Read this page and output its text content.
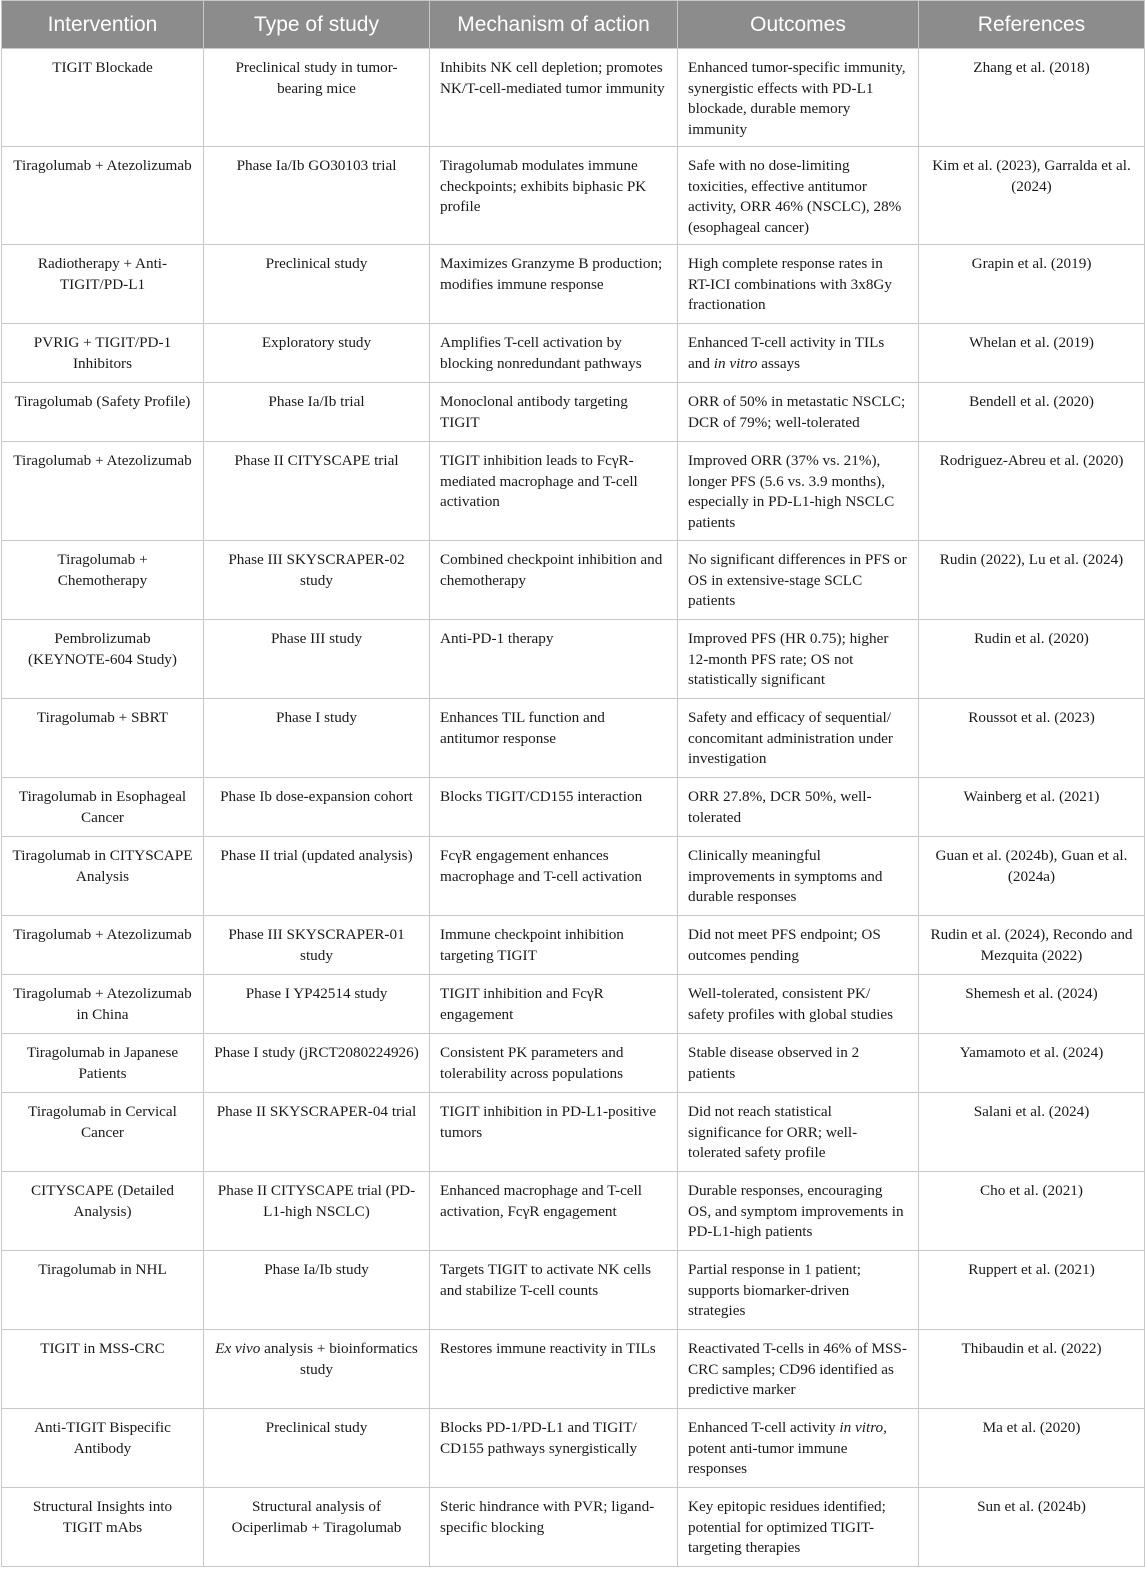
Intervention	Type of study	Mechanism of action	Outcomes	References
TIGIT Blockade	Preclinical study in tumor-bearing mice	Inhibits NK cell depletion; promotes NK/T-cell-mediated tumor immunity	Enhanced tumor-specific immunity, synergistic effects with PD-L1 blockade, durable memory immunity	Zhang et al. (2018)
Tiragolumab + Atezolizumab	Phase Ia/Ib GO30103 trial	Tiragolumab modulates immune checkpoints; exhibits biphasic PK profile	Safe with no dose-limiting toxicities, effective antitumor activity, ORR 46% (NSCLC), 28% (esophageal cancer)	Kim et al. (2023), Garralda et al. (2024)
Radiotherapy + Anti-TIGIT/PD-L1	Preclinical study	Maximizes Granzyme B production; modifies immune response	High complete response rates in RT-ICI combinations with 3x8Gy fractionation	Grapin et al. (2019)
PVRIG + TIGIT/PD-1 Inhibitors	Exploratory study	Amplifies T-cell activation by blocking nonredundant pathways	Enhanced T-cell activity in TILs and in vitro assays	Whelan et al. (2019)
Tiragolumab (Safety Profile)	Phase Ia/Ib trial	Monoclonal antibody targeting TIGIT	ORR of 50% in metastatic NSCLC; DCR of 79%; well-tolerated	Bendell et al. (2020)
Tiragolumab + Atezolizumab	Phase II CITYSCAPE trial	TIGIT inhibition leads to FcγR-mediated macrophage and T-cell activation	Improved ORR (37% vs. 21%), longer PFS (5.6 vs. 3.9 months), especially in PD-L1-high NSCLC patients	Rodriguez-Abreu et al. (2020)
Tiragolumab + Chemotherapy	Phase III SKYSCRAPER-02 study	Combined checkpoint inhibition and chemotherapy	No significant differences in PFS or OS in extensive-stage SCLC patients	Rudin (2022), Lu et al. (2024)
Pembrolizumab (KEYNOTE-604 Study)	Phase III study	Anti-PD-1 therapy	Improved PFS (HR 0.75); higher 12-month PFS rate; OS not statistically significant	Rudin et al. (2020)
Tiragolumab + SBRT	Phase I study	Enhances TIL function and antitumor response	Safety and efficacy of sequential/ concomitant administration under investigation	Roussot et al. (2023)
Tiragolumab in Esophageal Cancer	Phase Ib dose-expansion cohort	Blocks TIGIT/CD155 interaction	ORR 27.8%, DCR 50%, well-tolerated	Wainberg et al. (2021)
Tiragolumab in CITYSCAPE Analysis	Phase II trial (updated analysis)	FcγR engagement enhances macrophage and T-cell activation	Clinically meaningful improvements in symptoms and durable responses	Guan et al. (2024b), Guan et al. (2024a)
Tiragolumab + Atezolizumab	Phase III SKYSCRAPER-01 study	Immune checkpoint inhibition targeting TIGIT	Did not meet PFS endpoint; OS outcomes pending	Rudin et al. (2024), Recondo and Mezquita (2022)
Tiragolumab + Atezolizumab in China	Phase I YP42514 study	TIGIT inhibition and FcγR engagement	Well-tolerated, consistent PK/ safety profiles with global studies	Shemesh et al. (2024)
Tiragolumab in Japanese Patients	Phase I study (jRCT2080224926)	Consistent PK parameters and tolerability across populations	Stable disease observed in 2 patients	Yamamoto et al. (2024)
Tiragolumab in Cervical Cancer	Phase II SKYSCRAPER-04 trial	TIGIT inhibition in PD-L1-positive tumors	Did not reach statistical significance for ORR; well-tolerated safety profile	Salani et al. (2024)
CITYSCAPE (Detailed Analysis)	Phase II CITYSCAPE trial (PD-L1-high NSCLC)	Enhanced macrophage and T-cell activation, FcγR engagement	Durable responses, encouraging OS, and symptom improvements in PD-L1-high patients	Cho et al. (2021)
Tiragolumab in NHL	Phase Ia/Ib study	Targets TIGIT to activate NK cells and stabilize T-cell counts	Partial response in 1 patient; supports biomarker-driven strategies	Ruppert et al. (2021)
TIGIT in MSS-CRC	Ex vivo analysis + bioinformatics study	Restores immune reactivity in TILs	Reactivated T-cells in 46% of MSS-CRC samples; CD96 identified as predictive marker	Thibaudin et al. (2022)
Anti-TIGIT Bispecific Antibody	Preclinical study	Blocks PD-1/PD-L1 and TIGIT/ CD155 pathways synergistically	Enhanced T-cell activity in vitro, potent anti-tumor immune responses	Ma et al. (2020)
Structural Insights into TIGIT mAbs	Structural analysis of Ociperlimab + Tiragolumab	Steric hindrance with PVR; ligand-specific blocking	Key epitopic residues identified; potential for optimized TIGIT-targeting therapies	Sun et al. (2024b)
